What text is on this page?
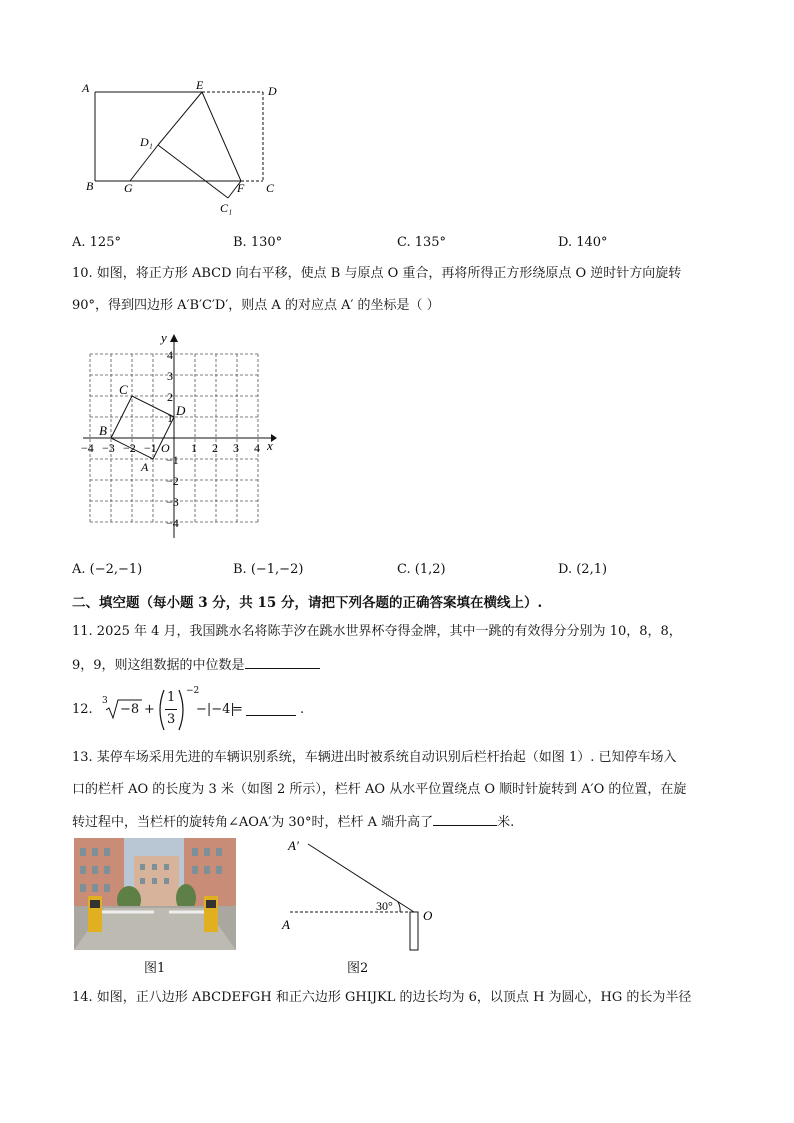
A	E	D
D₁
B	G	C
F
C₁
A. 125°	B. 130°	C. 135°	D. 140°
10. 如图，将正方形 ABCD 向右平移，使点 B 与原点 O 重合，再将所得正方形绕原点 O 逆时针方向旋转
90°，得到四边形 A′B′C′D′，则点 A 的对应点 A′ 的坐标是（ ）
y
x
O
C
B
D
A
−4 −3 −2 −1	1 2 3 4
4
3
2
1
−1
−2
−3
−4
A. (−2,−1)	B. (−1,−2)	C. (1,2)	D. (2,1)
二、填空题（每小题 3 分，共 15 分，请把下列各题的正确答案填在横线上）.
11. 2025 年 4 月，我国跳水名将陈芋汐在跳水世界杯夺得金牌，其中一跳的有效得分分别为 10，8，8，
9，9，则这组数据的中位数是
12.
3
−8 +
1
3
−2
−|−4|
=	.
13. 某停车场采用先进的车辆识别系统，车辆进出时被系统自动识别后栏杆抬起（如图 1）. 已知停车场入
口的栏杆 AO 的长度为 3 米（如图 2 所示），栏杆 AO 从水平位置绕点 O 顺时针旋转到 A′O 的位置，在旋
转过程中，当栏杆的旋转角∠AOA′为 30°时，栏杆 A 端升高了	米.
图1
A′
A
O
30°
图2
14. 如图，正八边形 ABCDEFGH 和正六边形 GHIJKL 的边长均为 6，以顶点 H 为圆心，HG 的长为半径
